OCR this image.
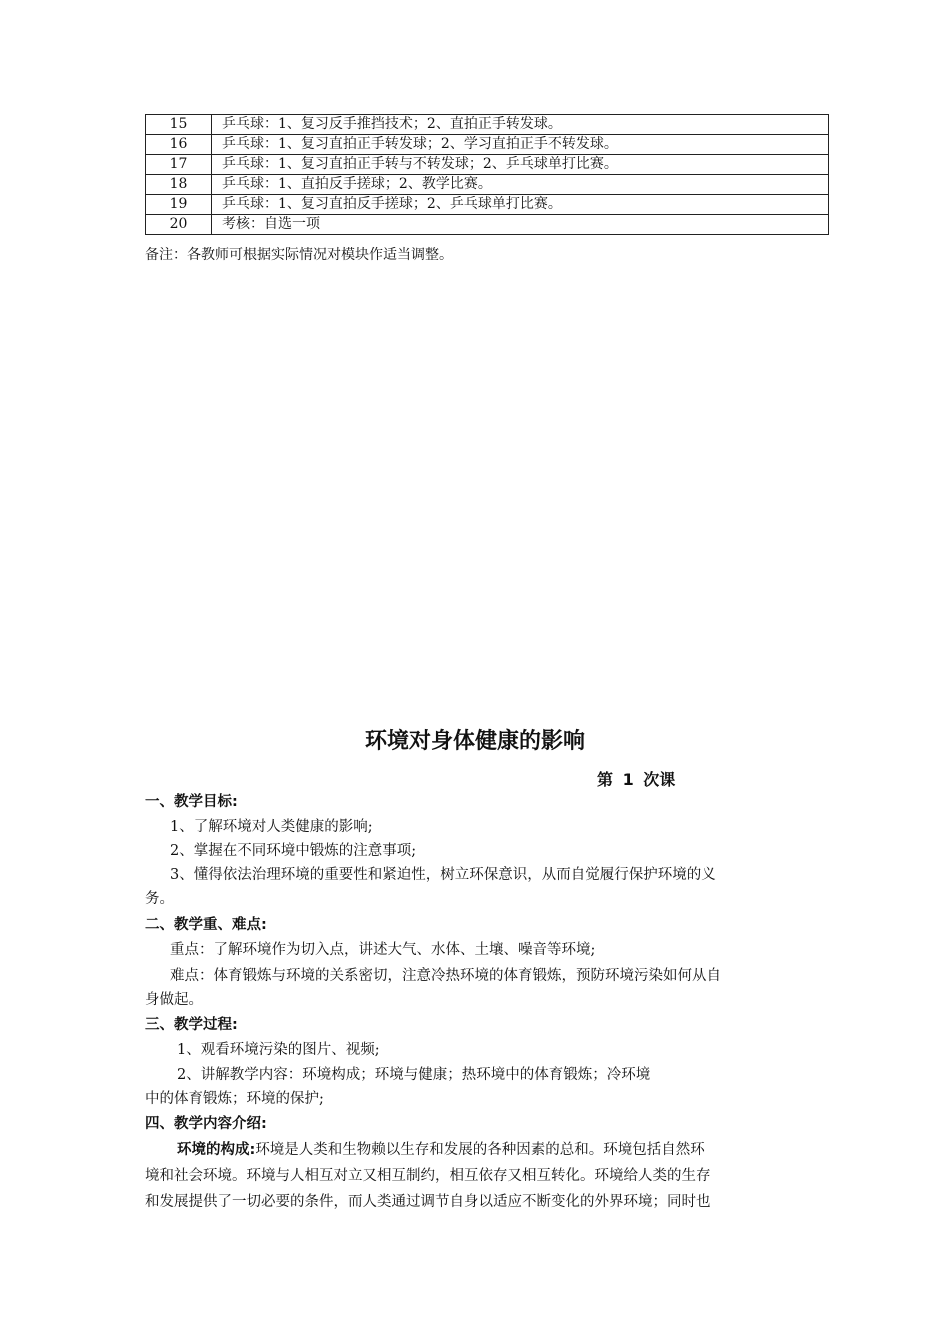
15	乒乓球：1、复习反手推挡技术；2、直拍正手转发球。
16	乒乓球：1、复习直拍正手转发球；2、学习直拍正手不转发球。
17	乒乓球：1、复习直拍正手转与不转发球；2、乒乓球单打比赛。
18	乒乓球：1、直拍反手搓球；2、教学比赛。
19	乒乓球：1、复习直拍反手搓球；2、乒乓球单打比赛。
20	考核：自选一项
备注：各教师可根据实际情况对模块作适当调整。
环境对身体健康的影响
第 1 次课
一、教学目标:
1、了解环境对人类健康的影响;
2、掌握在不同环境中锻炼的注意事项;
3、懂得依法治理环境的重要性和紧迫性，树立环保意识，从而自觉履行保护环境的义
务。
二、教学重、难点:
重点：了解环境作为切入点，讲述大气、水体、土壤、噪音等环境;
难点：体育锻炼与环境的关系密切，注意冷热环境的体育锻炼，预防环境污染如何从自
身做起。
三、教学过程:
1、观看环境污染的图片、视频;
2、讲解教学内容：环境构成；环境与健康；热环境中的体育锻炼；冷环境
中的体育锻炼；环境的保护;
四、教学内容介绍:
环境的构成:环境是人类和生物赖以生存和发展的各种因素的总和。环境包括自然环
境和社会环境。环境与人相互对立又相互制约，相互依存又相互转化。环境给人类的生存
和发展提供了一切必要的条件，而人类通过调节自身以适应不断变化的外界环境；同时也
